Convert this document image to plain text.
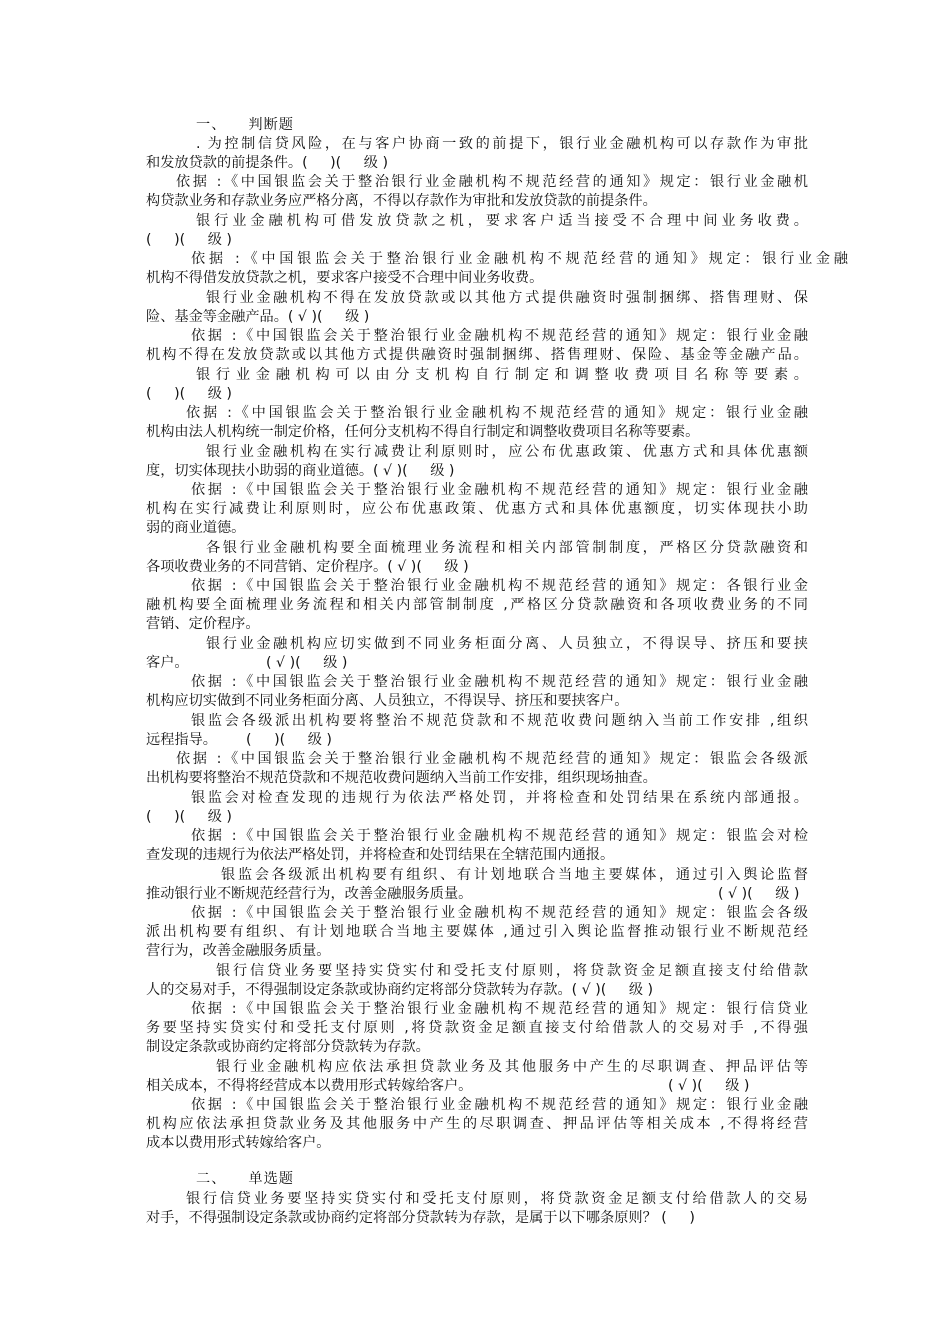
一、    判断题
. 为控制信贷风险，在与客户协商一致的前提下，银行业金融机构可以存款作为审批
和发放贷款的前提条件。(     )(     级 )
依据 :《中国银监会关于整治银行业金融机构不规范经营的通知》规定：银行业金融机
构贷款业务和存款业务应严格分离，不得以存款作为审批和发放贷款的前提条件。
银行业金融机构可借发放贷款之机，要求客户适当接受不合理中间业务收费。
(     )(     级 )
依据 :《中国银监会关于整治银行业金融机构不规范经营的通知》规定：银行业金融
机构不得借发放贷款之机，要求客户接受不合理中间业务收费。
银行业金融机构不得在发放贷款或以其他方式提供融资时强制捆绑、搭售理财、保
险、基金等金融产品。( √ )(     级 )
依据 :《中国银监会关于整治银行业金融机构不规范经营的通知》规定：银行业金融
机构不得在发放贷款或以其他方式提供融资时强制捆绑、搭售理财、保险、基金等金融产品。
银行业金融机构可以由分支机构自行制定和调整收费项目名称等要素。
(     )(     级 )
依据 :《中国银监会关于整治银行业金融机构不规范经营的通知》规定：银行业金融
机构由法人机构统一制定价格，任何分支机构不得自行制定和调整收费项目名称等要素。
银行业金融机构在实行减费让利原则时，应公布优惠政策、优惠方式和具体优惠额
度，切实体现扶小助弱的商业道德。( √ )(     级 )
依据 :《中国银监会关于整治银行业金融机构不规范经营的通知》规定：银行业金融
机构在实行减费让利原则时，应公布优惠政策、优惠方式和具体优惠额度，切实体现扶小助
弱的商业道德。
各银行业金融机构要全面梳理业务流程和相关内部管制制度，严格区分贷款融资和
各项收费业务的不同营销、定价程序。( √ )(     级 )
依据 :《中国银监会关于整治银行业金融机构不规范经营的通知》规定：各银行业金
融机构要全面梳理业务流程和相关内部管制制度 ,严格区分贷款融资和各项收费业务的不同
营销、定价程序。
银行业金融机构应切实做到不同业务柜面分离、人员独立，不得误导、挤压和要挟
客户。	( √ )(     级 )
依据 :《中国银监会关于整治银行业金融机构不规范经营的通知》规定：银行业金融
机构应切实做到不同业务柜面分离、人员独立，不得误导、挤压和要挟客户。
银监会各级派出机构要将整治不规范贷款和不规范收费问题纳入当前工作安排 ,组织
远程指导。 (     )(     级 )
依据 :《中国银监会关于整治银行业金融机构不规范经营的通知》规定：银监会各级派
出机构要将整治不规范贷款和不规范收费问题纳入当前工作安排，组织现场抽查。
银监会对检查发现的违规行为依法严格处罚，并将检查和处罚结果在系统内部通报。
(     )(     级 )
依据 :《中国银监会关于整治银行业金融机构不规范经营的通知》规定：银监会对检
查发现的违规行为依法严格处罚，并将检查和处罚结果在全辖范围内通报。
银监会各级派出机构要有组织、有计划地联合当地主要媒体，通过引入舆论监督
推动银行业不断规范经营行为，改善金融服务质量。	( √ )(     级 )
依据 :《中国银监会关于整治银行业金融机构不规范经营的通知》规定：银监会各级
派出机构要有组织、有计划地联合当地主要媒体 ,通过引入舆论监督推动银行业不断规范经
营行为，改善金融服务质量。
银行信贷业务要坚持实贷实付和受托支付原则，将贷款资金足额直接支付给借款
人的交易对手，不得强制设定条款或协商约定将部分贷款转为存款。( √ )(     级 )
依据 :《中国银监会关于整治银行业金融机构不规范经营的通知》规定：银行信贷业
务要坚持实贷实付和受托支付原则 ,将贷款资金足额直接支付给借款人的交易对手 ,不得强
制设定条款或协商约定将部分贷款转为存款。
银行业金融机构应依法承担贷款业务及其他服务中产生的尽职调查、押品评估等
相关成本，不得将经营成本以费用形式转嫁给客户。	( √ )(     级 )
依据 :《中国银监会关于整治银行业金融机构不规范经营的通知》规定：银行业金融
机构应依法承担贷款业务及其他服务中产生的尽职调查、押品评估等相关成本 ,不得将经营
成本以费用形式转嫁给客户。
二、    单选题
银行信贷业务要坚持实贷实付和受托支付原则，将贷款资金足额支付给借款人的交易
对手，不得强制设定条款或协商约定将部分贷款转为存款，是属于以下哪条原则？ (     )
